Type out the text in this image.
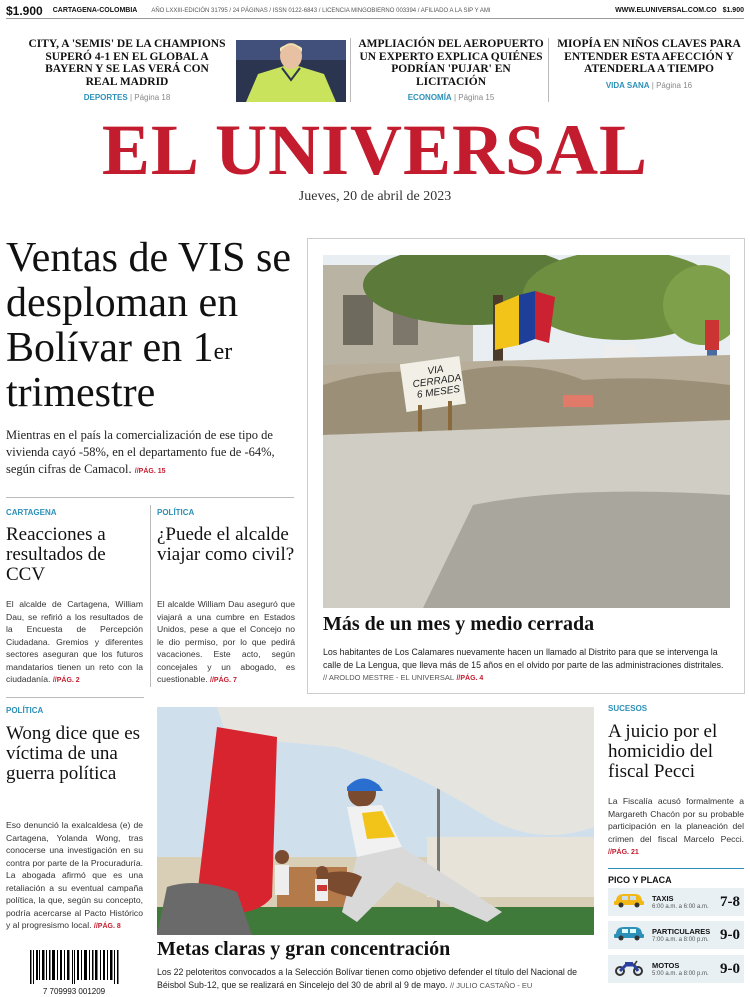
$1.900 CARTAGENA-COLOMBIA AÑO LXXIII-EDICIÓN 31795 / 24 PÁGINAS / ISSN 0122-6843 / LICENCIA MINGOBIERNO 003394 / AFILIADO A LA SIP Y AMI	WWW.ELUNIVERSAL.COM.CO $1.900
CITY, A 'SEMIS' DE LA CHAMPIONS SUPERÓ 4-1 EN EL GLOBAL A BAYERN Y SE LAS VERÁ CON REAL MADRID
DEPORTES | Página 18
AMPLIACIÓN DEL AEROPUERTO UN EXPERTO EXPLICA QUIÉNES PODRÍAN 'PUJAR' EN LICITACIÓN
ECONOMÍA | Página 15
MIOPÍA EN NIÑOS CLAVES PARA ENTENDER ESTA AFECCIÓN Y ATENDERLA A TIEMPO
VIDA SANA | Página 16
EL UNIVERSAL
Jueves, 20 de abril de 2023
Ventas de VIS se desploman en Bolívar en 1er trimestre
Mientras en el país la comercialización de ese tipo de vivienda cayó -58%, en el departamento fue de -64%, según cifras de Camacol. //PÁG. 15
CARTAGENA
Reacciones a resultados de CCV
El alcalde de Cartagena, William Dau, se refirió a los resultados de la Encuesta de Percepción Ciudadana. Gremios y diferentes sectores aseguran que los futuros mandatarios tienen un reto con la ciudadanía. //PÁG. 2
POLÍTICA
¿Puede el alcalde viajar como civil?
El alcalde William Dau aseguró que viajará a una cumbre en Estados Unidos, pese a que el Concejo no le dio permiso, por lo que pedirá vacaciones. Este acto, según concejales y un abogado, es cuestionable. //PÁG. 7
VIA CERRADA 6 MESES
Más de un mes y medio cerrada
Los habitantes de Los Calamares nuevamente hacen un llamado al Distrito para que se intervenga la calle de La Lengua, que lleva más de 15 años en el olvido por parte de las administraciones distritales. // AROLDO MESTRE - EL UNIVERSAL //PÁG. 4
POLÍTICA
Wong dice que es víctima de una guerra política
Eso denunció la exalcaldesa (e) de Cartagena, Yolanda Wong, tras conocerse una investigación en su contra por parte de la Procuraduría. La abogada afirmó que es una retaliación a su eventual campaña política, la que, según su concepto, podría acercarse al Pacto Histórico y al progresismo local. //PÁG. 8
7 709993 001209
Metas claras y gran concentración
Los 22 peloteritos convocados a la Selección Bolívar tienen como objetivo defender el título del Nacional de Béisbol Sub-12, que se realizará en Sincelejo del 30 de abril al 9 de mayo. // JULIO CASTAÑO - EU
SUCESOS
A juicio por el homicidio del fiscal Pecci
La Fiscalía acusó formalmente a Margareth Chacón por su probable participación en la planeación del crimen del fiscal Marcelo Pecci. //PÁG. 21
PICO Y PLACA
TAXIS
6:00 a.m. a 6:00 a.m. 7-8
PARTICULARES
7:00 a.m. a 8:00 p.m. 9-0
MOTOS
5:00 a.m. a 8:00 p.m. 9-0
